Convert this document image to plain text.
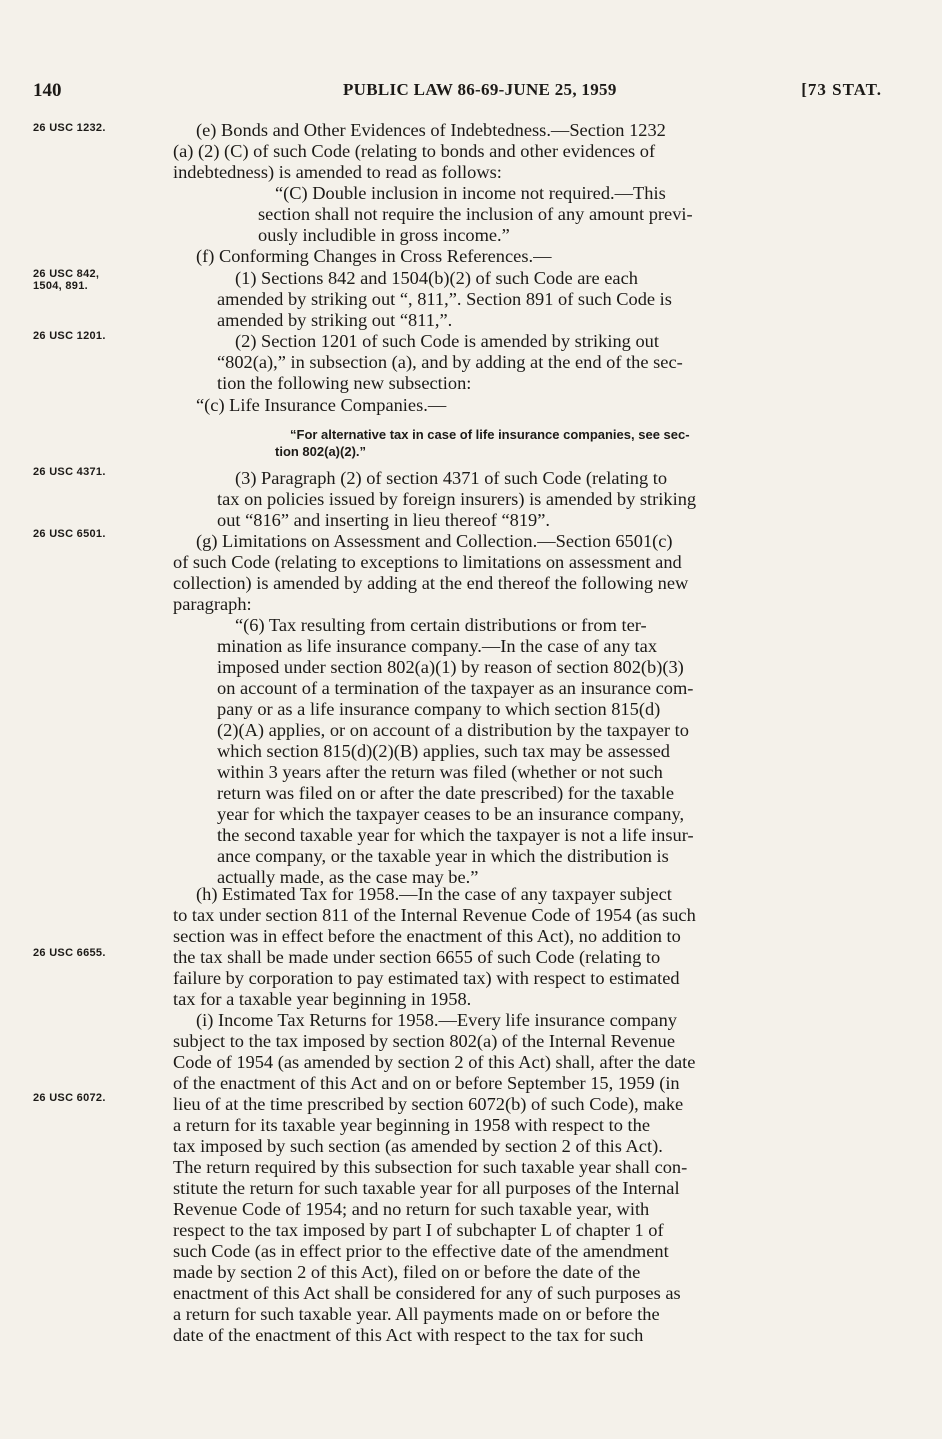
140	PUBLIC LAW 86-69-JUNE 25, 1959	[73 STAT.
26 USC 1232.
26 USC 842,
1504, 891.
26 USC 1201.
26 USC 4371.
26 USC 6501.
26 USC 6655.
26 USC 6072.
(e) Bonds and Other Evidences of Indebtedness.—Section 1232
(a) (2) (C) of such Code (relating to bonds and other evidences of
indebtedness) is amended to read as follows:
“(C) Double inclusion in income not required.—This
section shall not require the inclusion of any amount previ-
ously includible in gross income.”
(f) Conforming Changes in Cross References.—
(1) Sections 842 and 1504(b)(2) of such Code are each
amended by striking out “, 811,”. Section 891 of such Code is
amended by striking out “811,”.
(2) Section 1201 of such Code is amended by striking out
“802(a),” in subsection (a), and by adding at the end of the sec-
tion the following new subsection:
“(c) Life Insurance Companies.—
“For alternative tax in case of life insurance companies, see sec-
tion 802(a)(2).”
(3) Paragraph (2) of section 4371 of such Code (relating to
tax on policies issued by foreign insurers) is amended by striking
out “816” and inserting in lieu thereof “819”.
(g) Limitations on Assessment and Collection.—Section 6501(c)
of such Code (relating to exceptions to limitations on assessment and
collection) is amended by adding at the end thereof the following new
paragraph:
“(6) Tax resulting from certain distributions or from ter-
mination as life insurance company.—In the case of any tax
imposed under section 802(a)(1) by reason of section 802(b)(3)
on account of a termination of the taxpayer as an insurance com-
pany or as a life insurance company to which section 815(d)
(2)(A) applies, or on account of a distribution by the taxpayer to
which section 815(d)(2)(B) applies, such tax may be assessed
within 3 years after the return was filed (whether or not such
return was filed on or after the date prescribed) for the taxable
year for which the taxpayer ceases to be an insurance company,
the second taxable year for which the taxpayer is not a life insur-
ance company, or the taxable year in which the distribution is
actually made, as the case may be.”
(h) Estimated Tax for 1958.—In the case of any taxpayer subject
to tax under section 811 of the Internal Revenue Code of 1954 (as such
section was in effect before the enactment of this Act), no addition to
the tax shall be made under section 6655 of such Code (relating to
failure by corporation to pay estimated tax) with respect to estimated
tax for a taxable year beginning in 1958.
(i) Income Tax Returns for 1958.—Every life insurance company
subject to the tax imposed by section 802(a) of the Internal Revenue
Code of 1954 (as amended by section 2 of this Act) shall, after the date
of the enactment of this Act and on or before September 15, 1959 (in
lieu of at the time prescribed by section 6072(b) of such Code), make
a return for its taxable year beginning in 1958 with respect to the
tax imposed by such section (as amended by section 2 of this Act).
The return required by this subsection for such taxable year shall con-
stitute the return for such taxable year for all purposes of the Internal
Revenue Code of 1954; and no return for such taxable year, with
respect to the tax imposed by part I of subchapter L of chapter 1 of
such Code (as in effect prior to the effective date of the amendment
made by section 2 of this Act), filed on or before the date of the
enactment of this Act shall be considered for any of such purposes as
a return for such taxable year. All payments made on or before the
date of the enactment of this Act with respect to the tax for such
